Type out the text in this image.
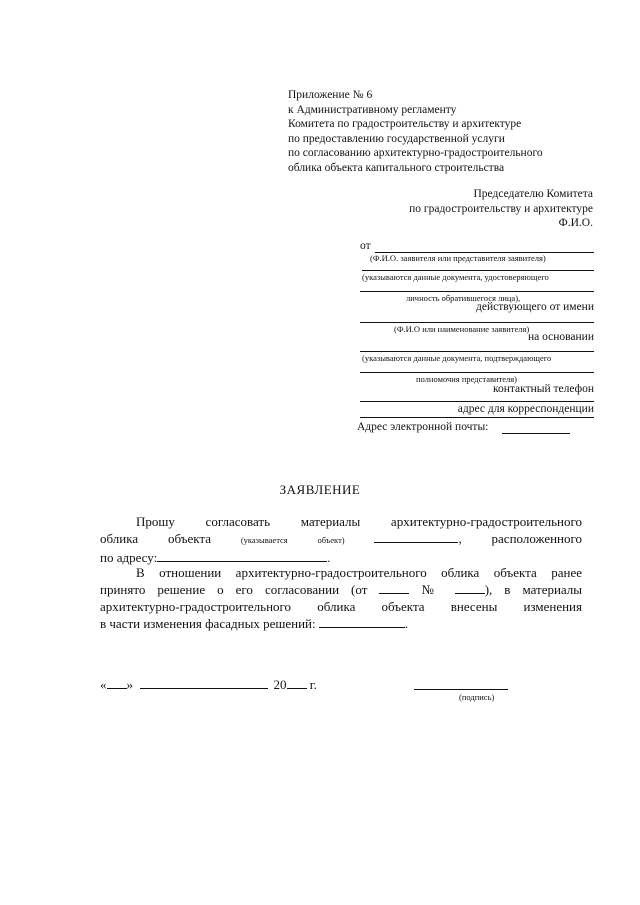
Приложение № 6
к Административному регламенту
Комитета по градостроительству и архитектуре
по предоставлению государственной услуги
по согласованию архитектурно-градостроительного
облика объекта капитального строительства
Председателю Комитета
по градостроительству и архитектуре
Ф.И.О.
от
(Ф.И.О. заявителя или представителя заявителя)
(указываются данные документа, удостоверяющего
личность обратившегося лица),
действующего от имени
(Ф.И.О или наименование заявителя)
на основании
(указываются данные документа, подтверждающего
полномочия представителя)
контактный телефон
адрес для корреспонденции
Адрес электронной почты:
ЗАЯВЛЕНИЕ
Прошу согласовать материалы архитектурно-градостроительного
облика объекта	(указывается	объект)	, расположенного
по адресу:	.
В отношении архитектурно-градостроительного облика объекта ранее
принято решение о его согласовании (от	№	), в материалы
архитектурно-градостроительного облика объекта внесены изменения
в части изменения фасадных решений:	.
« »	20 г.
(подпись)
